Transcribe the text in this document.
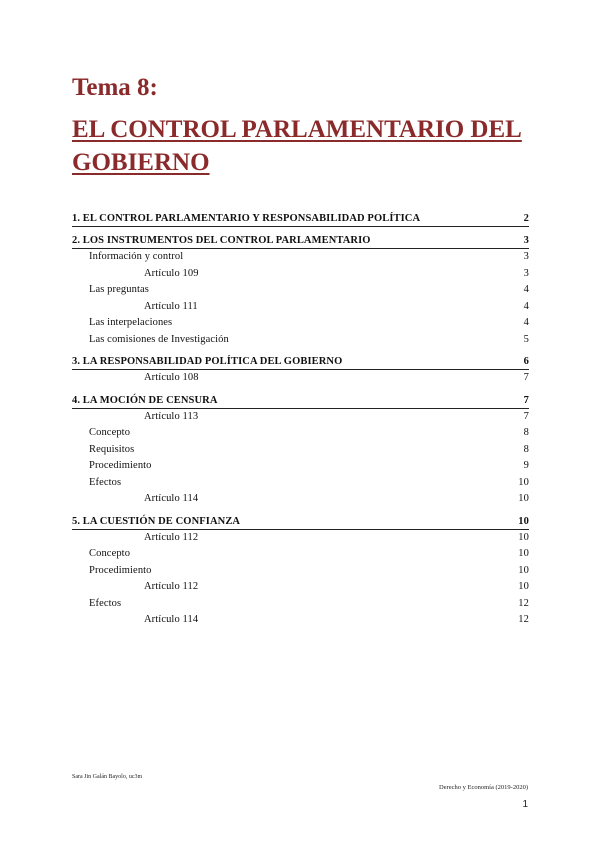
Tema 8:
EL CONTROL PARLAMENTARIO DEL GOBIERNO
1. EL CONTROL PARLAMENTARIO Y RESPONSABILIDAD POLÍTICA	2
2. LOS INSTRUMENTOS DEL CONTROL PARLAMENTARIO	3
Información y control	3
Artículo 109	3
Las preguntas	4
Artículo 111	4
Las interpelaciones	4
Las comisiones de Investigación	5
3. LA RESPONSABILIDAD POLÍTICA DEL GOBIERNO	6
Artículo 108	7
4. LA MOCIÓN DE CENSURA	7
Artículo 113	7
Concepto	8
Requisitos	8
Procedimiento	9
Efectos	10
Artículo 114	10
5. LA CUESTIÓN DE CONFIANZA	10
Artículo 112	10
Concepto	10
Procedimiento	10
Artículo 112	10
Efectos	12
Artículo 114	12
Sara Jin Galán Bayolo, uc3m
Derecho y Economía (2019-2020)
1
